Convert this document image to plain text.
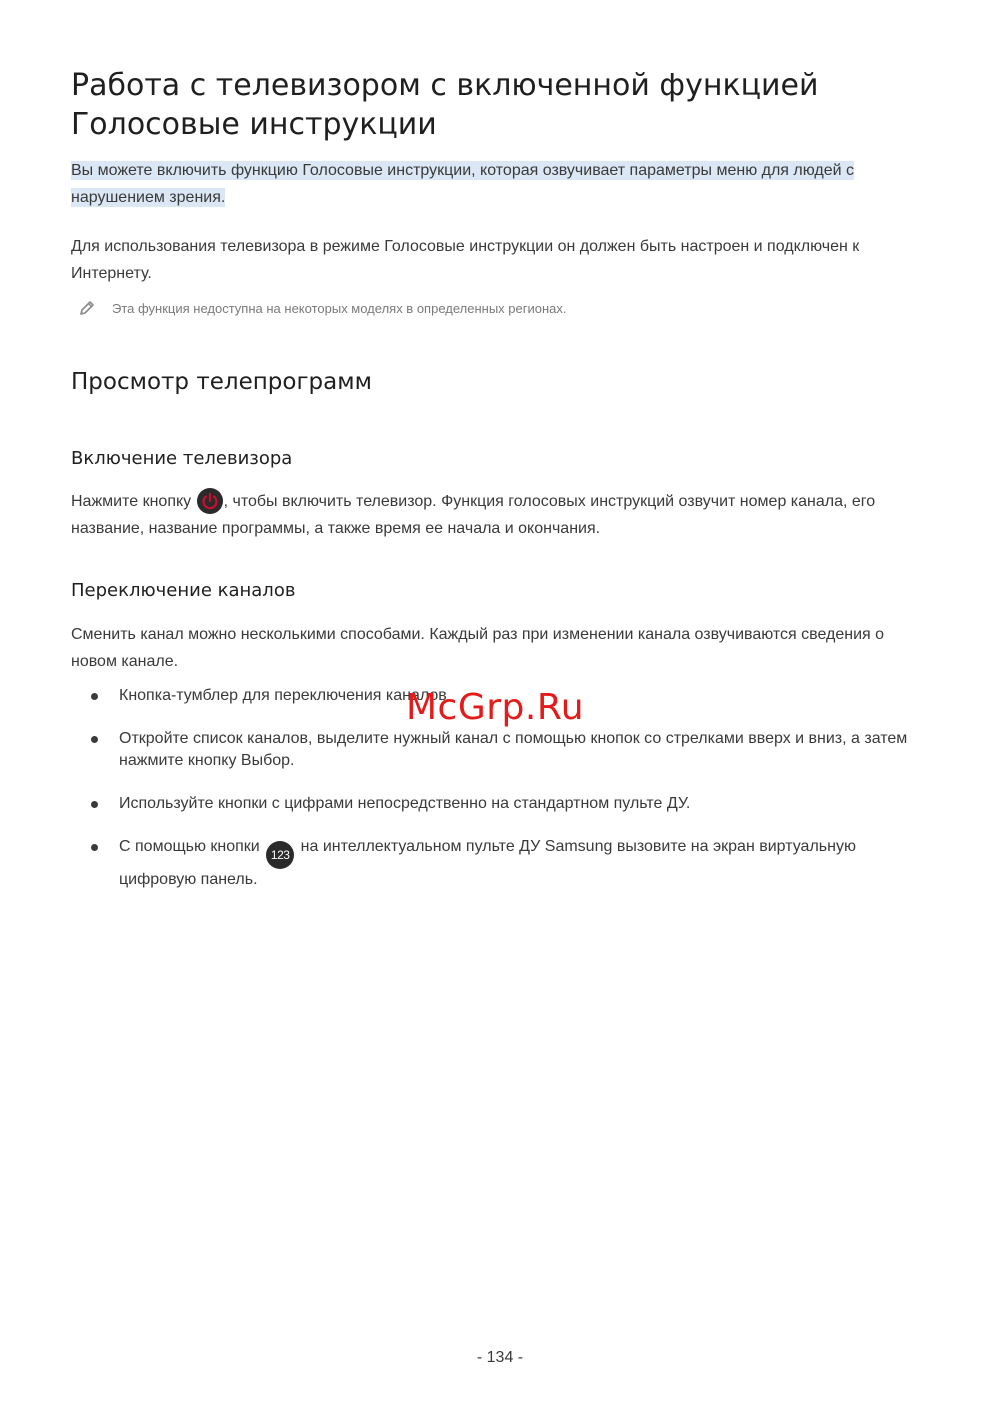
Работа с телевизором с включенной функцией Голосовые инструкции

Вы можете включить функцию Голосовые инструкции, которая озвучивает параметры меню для людей с нарушением зрения.

Для использования телевизора в режиме Голосовые инструкции он должен быть настроен и подключен к Интернету.

Эта функция недоступна на некоторых моделях в определенных регионах.
Просмотр телепрограмм
Включение телевизора

Нажмите кнопку
, чтобы включить телевизор. Функция голосовых инструкций озвучит номер канала, его название, название программы, а также время ее начала и окончания.

Переключение каналов

Сменить канал можно несколькими способами. Каждый раз при изменении канала озвучиваются сведения о новом канале.

Кнопка-тумблер для переключения каналов
Откройте список каналов, выделите нужный канал с помощью кнопок со стрелками вверх и вниз, а затем нажмите кнопку Выбор.
Используйте кнопки с цифрами непосредственно на стандартном пульте ДУ.
С помощью кнопки 123 на интеллектуальном пульте ДУ Samsung вызовите на экран виртуальную цифровую панель.
McGrp.Ru
- 134 -
